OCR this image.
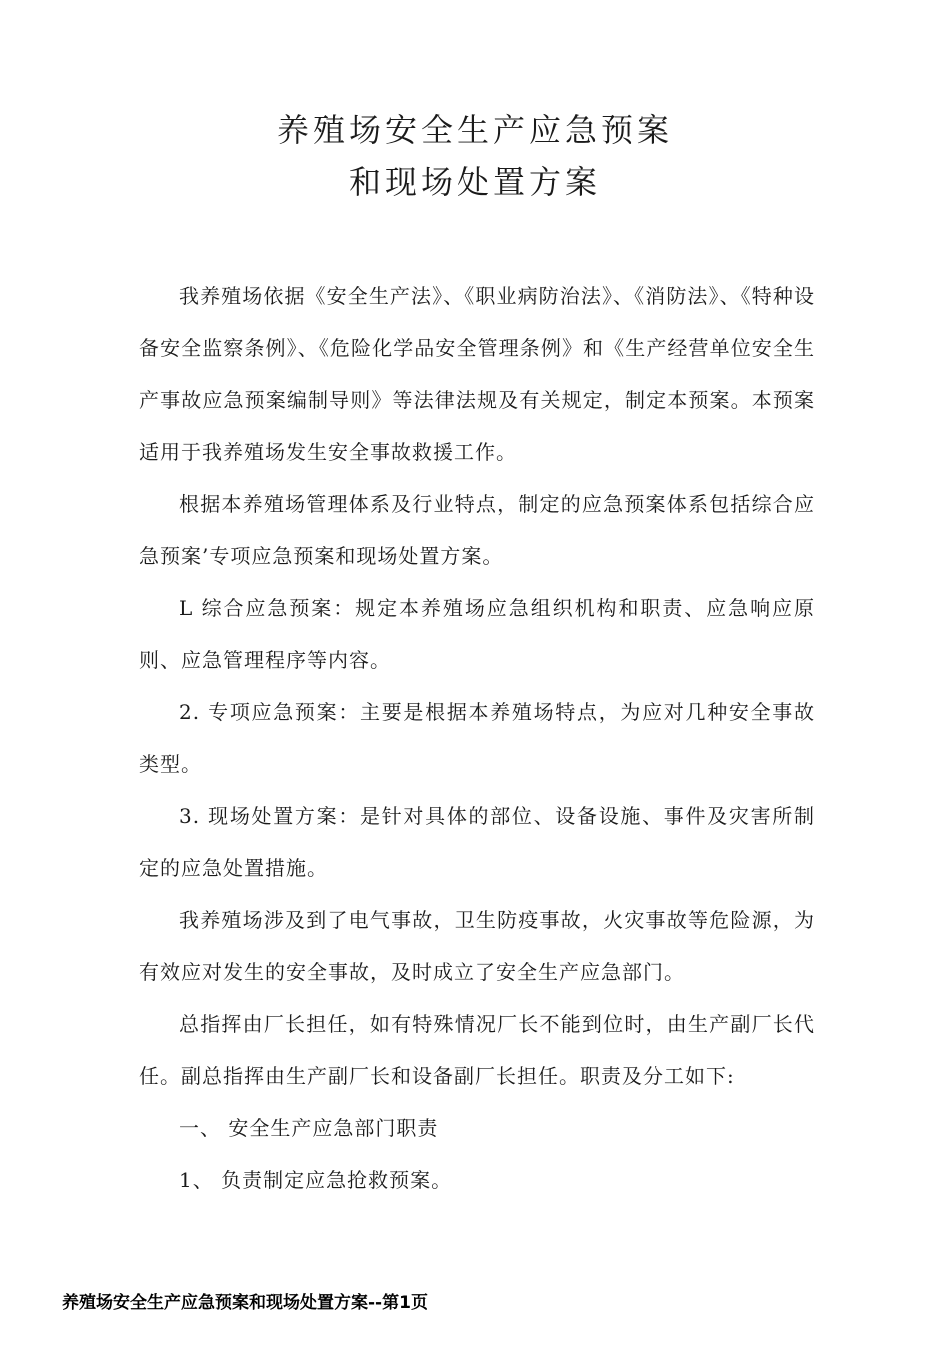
养殖场安全生产应急预案
和现场处置方案

我养殖场依据《安全生产法》、《职业病防治法》、《消防法》、《特种设备安全监察条例》、《危险化学品安全管理条例》和《生产经营单位安全生产事故应急预案编制导则》等法律法规及有关规定，制定本预案。本预案适用于我养殖场发生安全事故救援工作。

根据本养殖场管理体系及行业特点，制定的应急预案体系包括综合应急预案’专项应急预案和现场处置方案。

L 综合应急预案：规定本养殖场应急组织机构和职责、应急响应原则、应急管理程序等内容。

2. 专项应急预案：主要是根据本养殖场特点，为应对几种安全事故类型。

3. 现场处置方案：是针对具体的部位、设备设施、事件及灾害所制定的应急处置措施。

我养殖场涉及到了电气事故，卫生防疫事故，火灾事故等危险源，为有效应对发生的安全事故，及时成立了安全生产应急部门。

总指挥由厂长担任，如有特殊情况厂长不能到位时，由生产副厂长代任。副总指挥由生产副厂长和设备副厂长担任。职责及分工如下:

一、 安全生产应急部门职责

1、 负责制定应急抢救预案。

养殖场安全生产应急预案和现场处置方案--第1页
